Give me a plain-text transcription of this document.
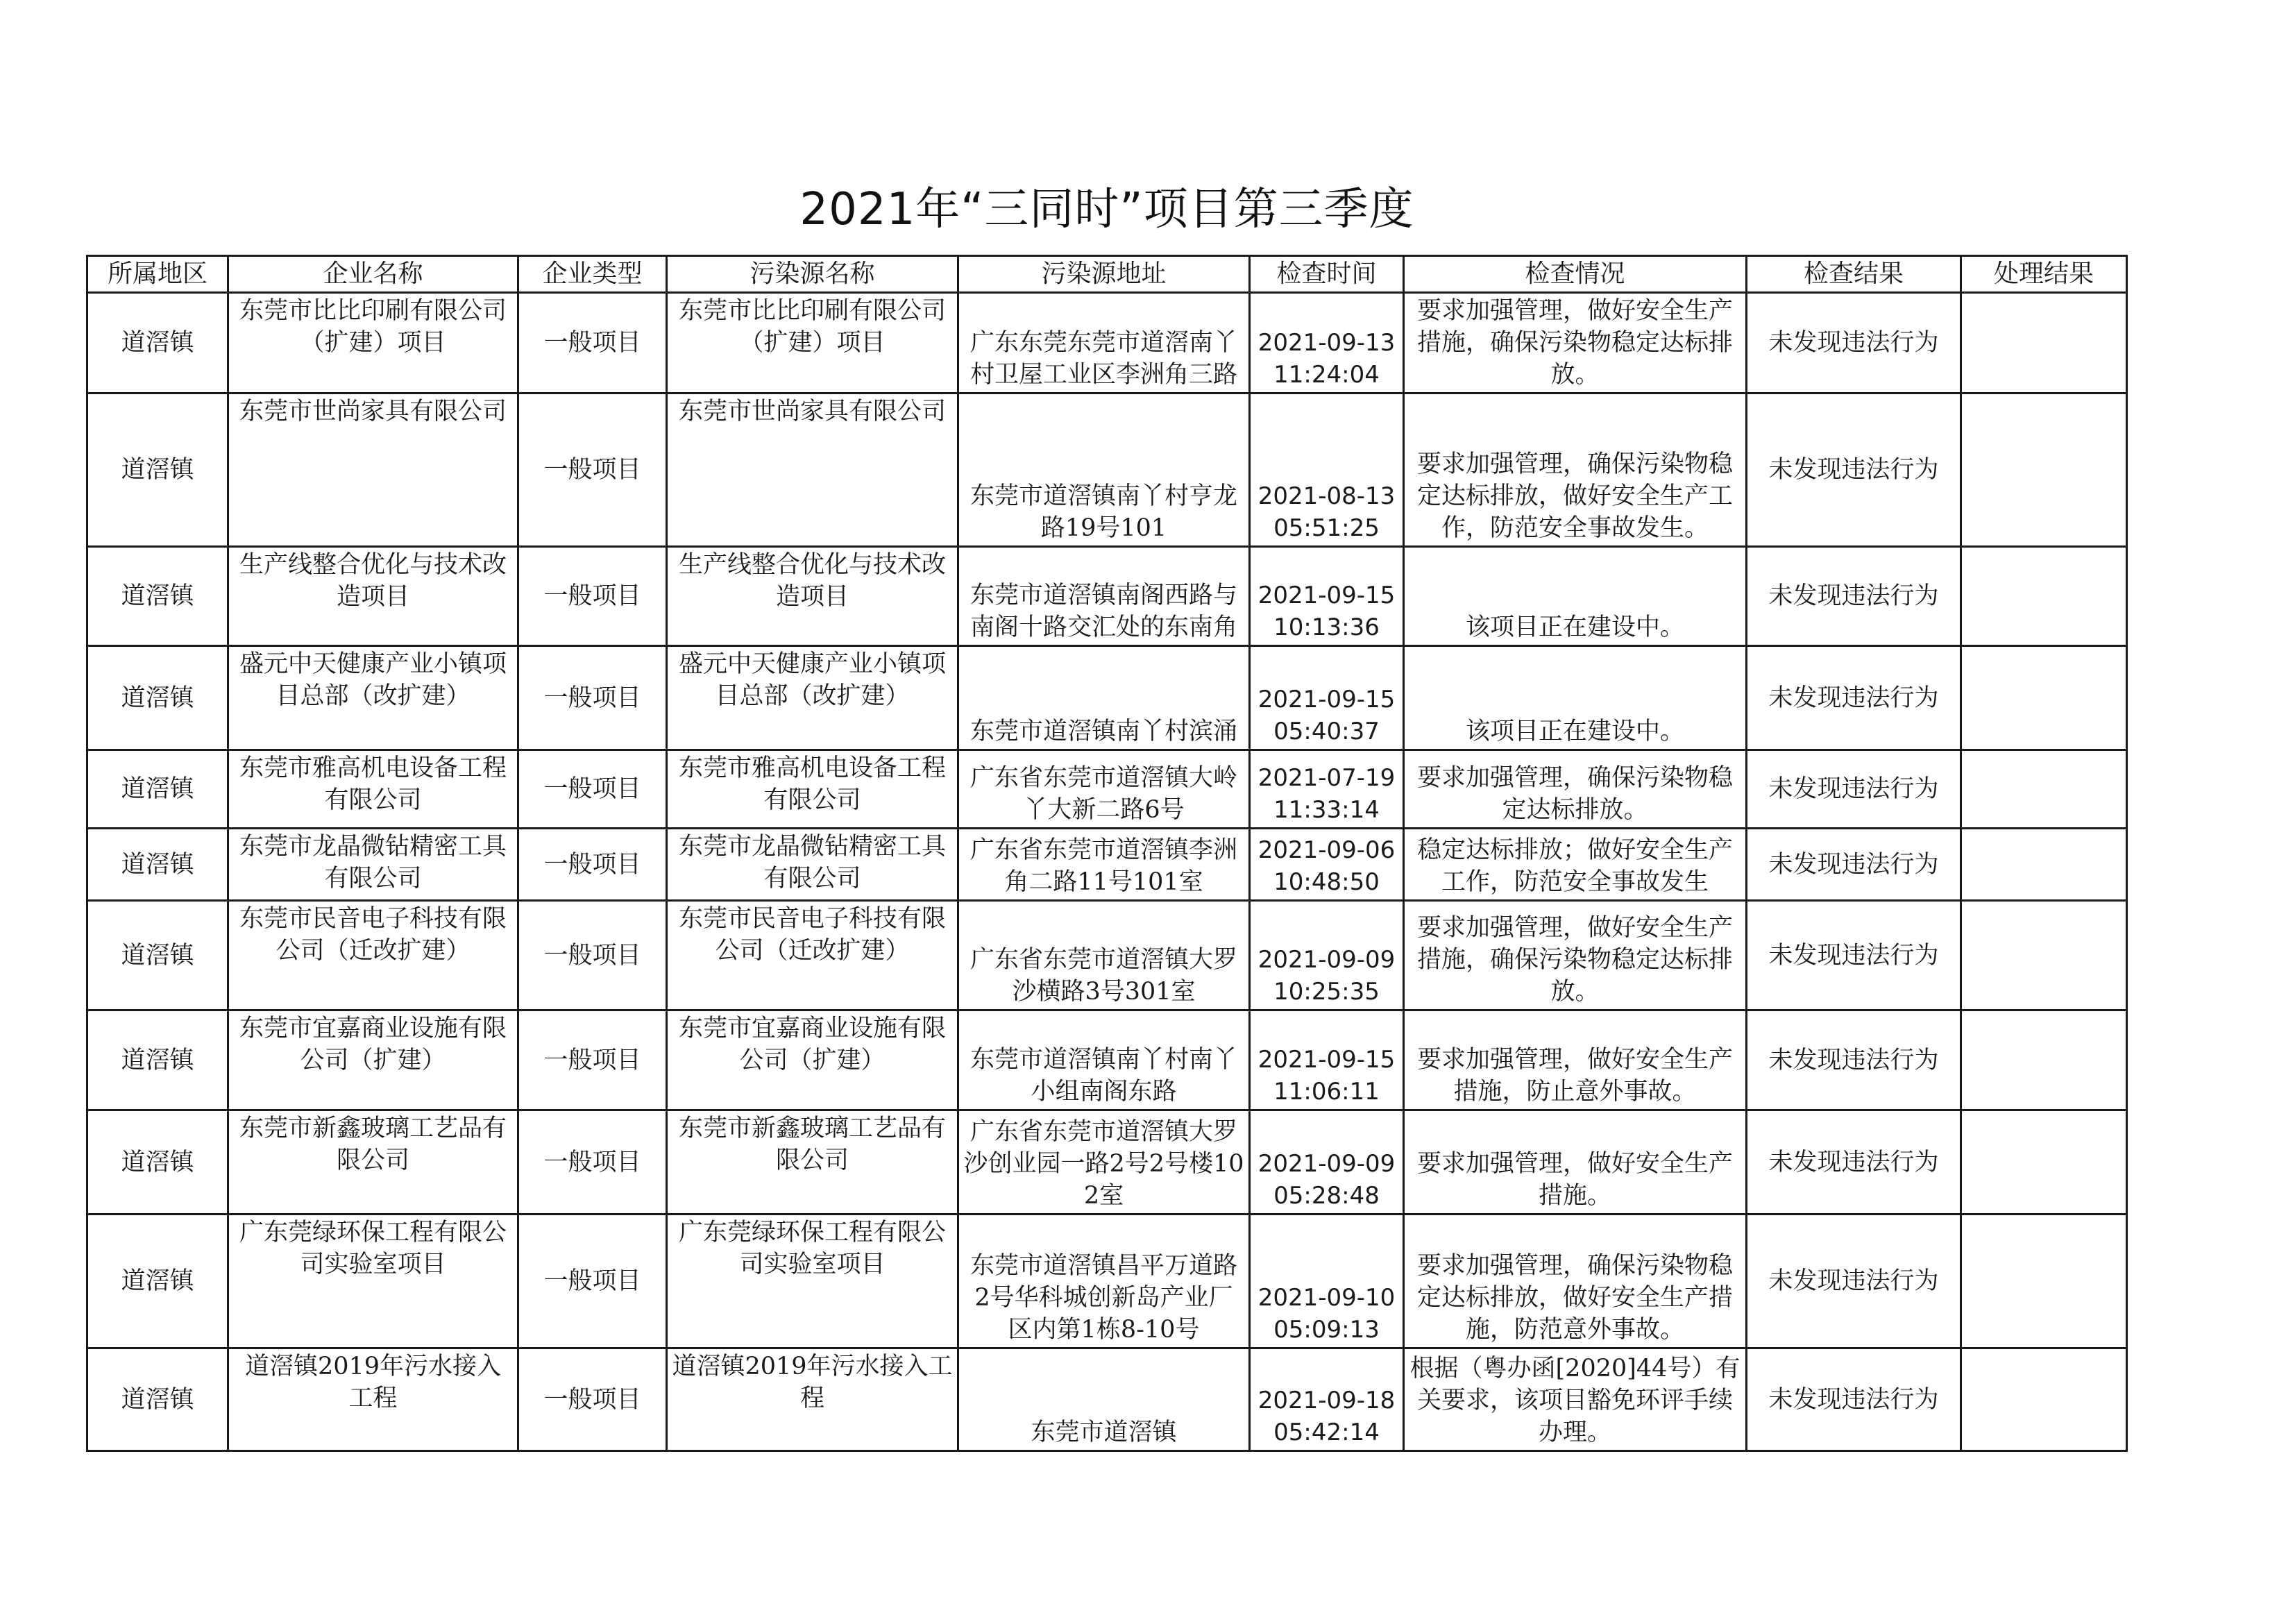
2021年“三同时”项目第三季度
所属地区	企业名称	企业类型	污染源名称	污染源地址	检查时间	检查情况	检查结果	处理结果
道滘镇	东莞市比比印刷有限公司（扩建）项目	一般项目	东莞市比比印刷有限公司（扩建）项目	广东东莞东莞市道滘南丫村卫屋工业区李洲角三路	2021-09-13 11:24:04	要求加强管理，做好安全生产措施，确保污染物稳定达标排放。	未发现违法行为	
道滘镇	东莞市世尚家具有限公司	一般项目	东莞市世尚家具有限公司	东莞市道滘镇南丫村亨龙路19号101	2021-08-13 05:51:25	要求加强管理，确保污染物稳定达标排放，做好安全生产工作，防范安全事故发生。	未发现违法行为	
道滘镇	生产线整合优化与技术改造项目	一般项目	生产线整合优化与技术改造项目	东莞市道滘镇南阁西路与南阁十路交汇处的东南角	2021-09-15 10:13:36	该项目正在建设中。	未发现违法行为	
道滘镇	盛元中天健康产业小镇项目总部（改扩建）	一般项目	盛元中天健康产业小镇项目总部（改扩建）	东莞市道滘镇南丫村滨涌	2021-09-15 05:40:37	该项目正在建设中。	未发现违法行为	
道滘镇	东莞市雅高机电设备工程有限公司	一般项目	东莞市雅高机电设备工程有限公司	广东省东莞市道滘镇大岭丫大新二路6号	2021-07-19 11:33:14	要求加强管理，确保污染物稳定达标排放。	未发现违法行为	
道滘镇	东莞市龙晶微钻精密工具有限公司	一般项目	东莞市龙晶微钻精密工具有限公司	广东省东莞市道滘镇李洲角二路11号101室	2021-09-06 10:48:50	稳定达标排放；做好安全生产工作，防范安全事故发生	未发现违法行为	
道滘镇	东莞市民音电子科技有限公司（迁改扩建）	一般项目	东莞市民音电子科技有限公司（迁改扩建）	广东省东莞市道滘镇大罗沙横路3号301室	2021-09-09 10:25:35	要求加强管理，做好安全生产措施，确保污染物稳定达标排放。	未发现违法行为	
道滘镇	东莞市宜嘉商业设施有限公司（扩建）	一般项目	东莞市宜嘉商业设施有限公司（扩建）	东莞市道滘镇南丫村南丫小组南阁东路	2021-09-15 11:06:11	要求加强管理，做好安全生产措施，防止意外事故。	未发现违法行为	
道滘镇	东莞市新鑫玻璃工艺品有限公司	一般项目	东莞市新鑫玻璃工艺品有限公司	广东省东莞市道滘镇大罗沙创业园一路2号2号楼102室	2021-09-09 05:28:48	要求加强管理，做好安全生产措施。	未发现违法行为	
道滘镇	广东莞绿环保工程有限公司实验室项目	一般项目	广东莞绿环保工程有限公司实验室项目	东莞市道滘镇昌平万道路2号华科城创新岛产业厂区内第1栋8-10号	2021-09-10 05:09:13	要求加强管理，确保污染物稳定达标排放，做好安全生产措施，防范意外事故。	未发现违法行为	
道滘镇	道滘镇2019年污水接入工程	一般项目	道滘镇2019年污水接入工程	东莞市道滘镇	2021-09-18 05:42:14	根据（粤办函[2020]44号）有关要求，该项目豁免环评手续办理。	未发现违法行为	
